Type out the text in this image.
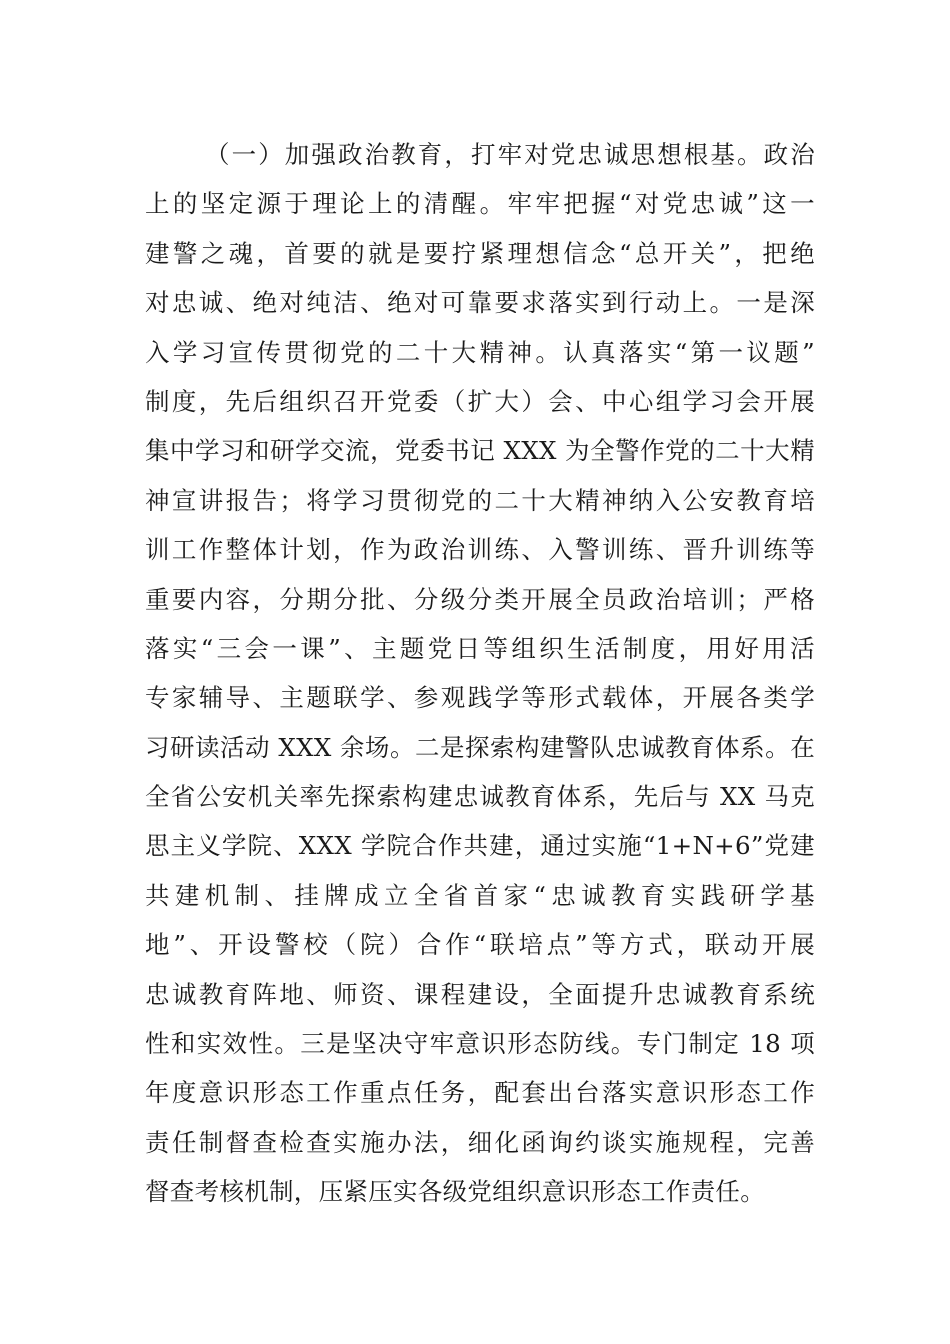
（一）加强政治教育，打牢对党忠诚思想根基。政治
上的坚定源于理论上的清醒。牢牢把握“对党忠诚”这一
建警之魂，首要的就是要拧紧理想信念“总开关”，把绝
对忠诚、绝对纯洁、绝对可靠要求落实到行动上。一是深
入学习宣传贯彻党的二十大精神。认真落实“第一议题”
制度，先后组织召开党委（扩大）会、中心组学习会开展
集中学习和研学交流，党委书记 XXX 为全警作党的二十大精
神宣讲报告；将学习贯彻党的二十大精神纳入公安教育培
训工作整体计划，作为政治训练、入警训练、晋升训练等
重要内容，分期分批、分级分类开展全员政治培训；严格
落实“三会一课”、主题党日等组织生活制度，用好用活
专家辅导、主题联学、参观践学等形式载体，开展各类学
习研读活动 XXX 余场。二是探索构建警队忠诚教育体系。在
全省公安机关率先探索构建忠诚教育体系，先后与 XX 马克
思主义学院、XXX 学院合作共建，通过实施“1+N+6”党建
共建机制、挂牌成立全省首家“忠诚教育实践研学基
地”、开设警校（院）合作“联培点”等方式，联动开展
忠诚教育阵地、师资、课程建设，全面提升忠诚教育系统
性和实效性。三是坚决守牢意识形态防线。专门制定 18 项
年度意识形态工作重点任务，配套出台落实意识形态工作
责任制督查检查实施办法，细化函询约谈实施规程，完善
督查考核机制，压紧压实各级党组织意识形态工作责任。
